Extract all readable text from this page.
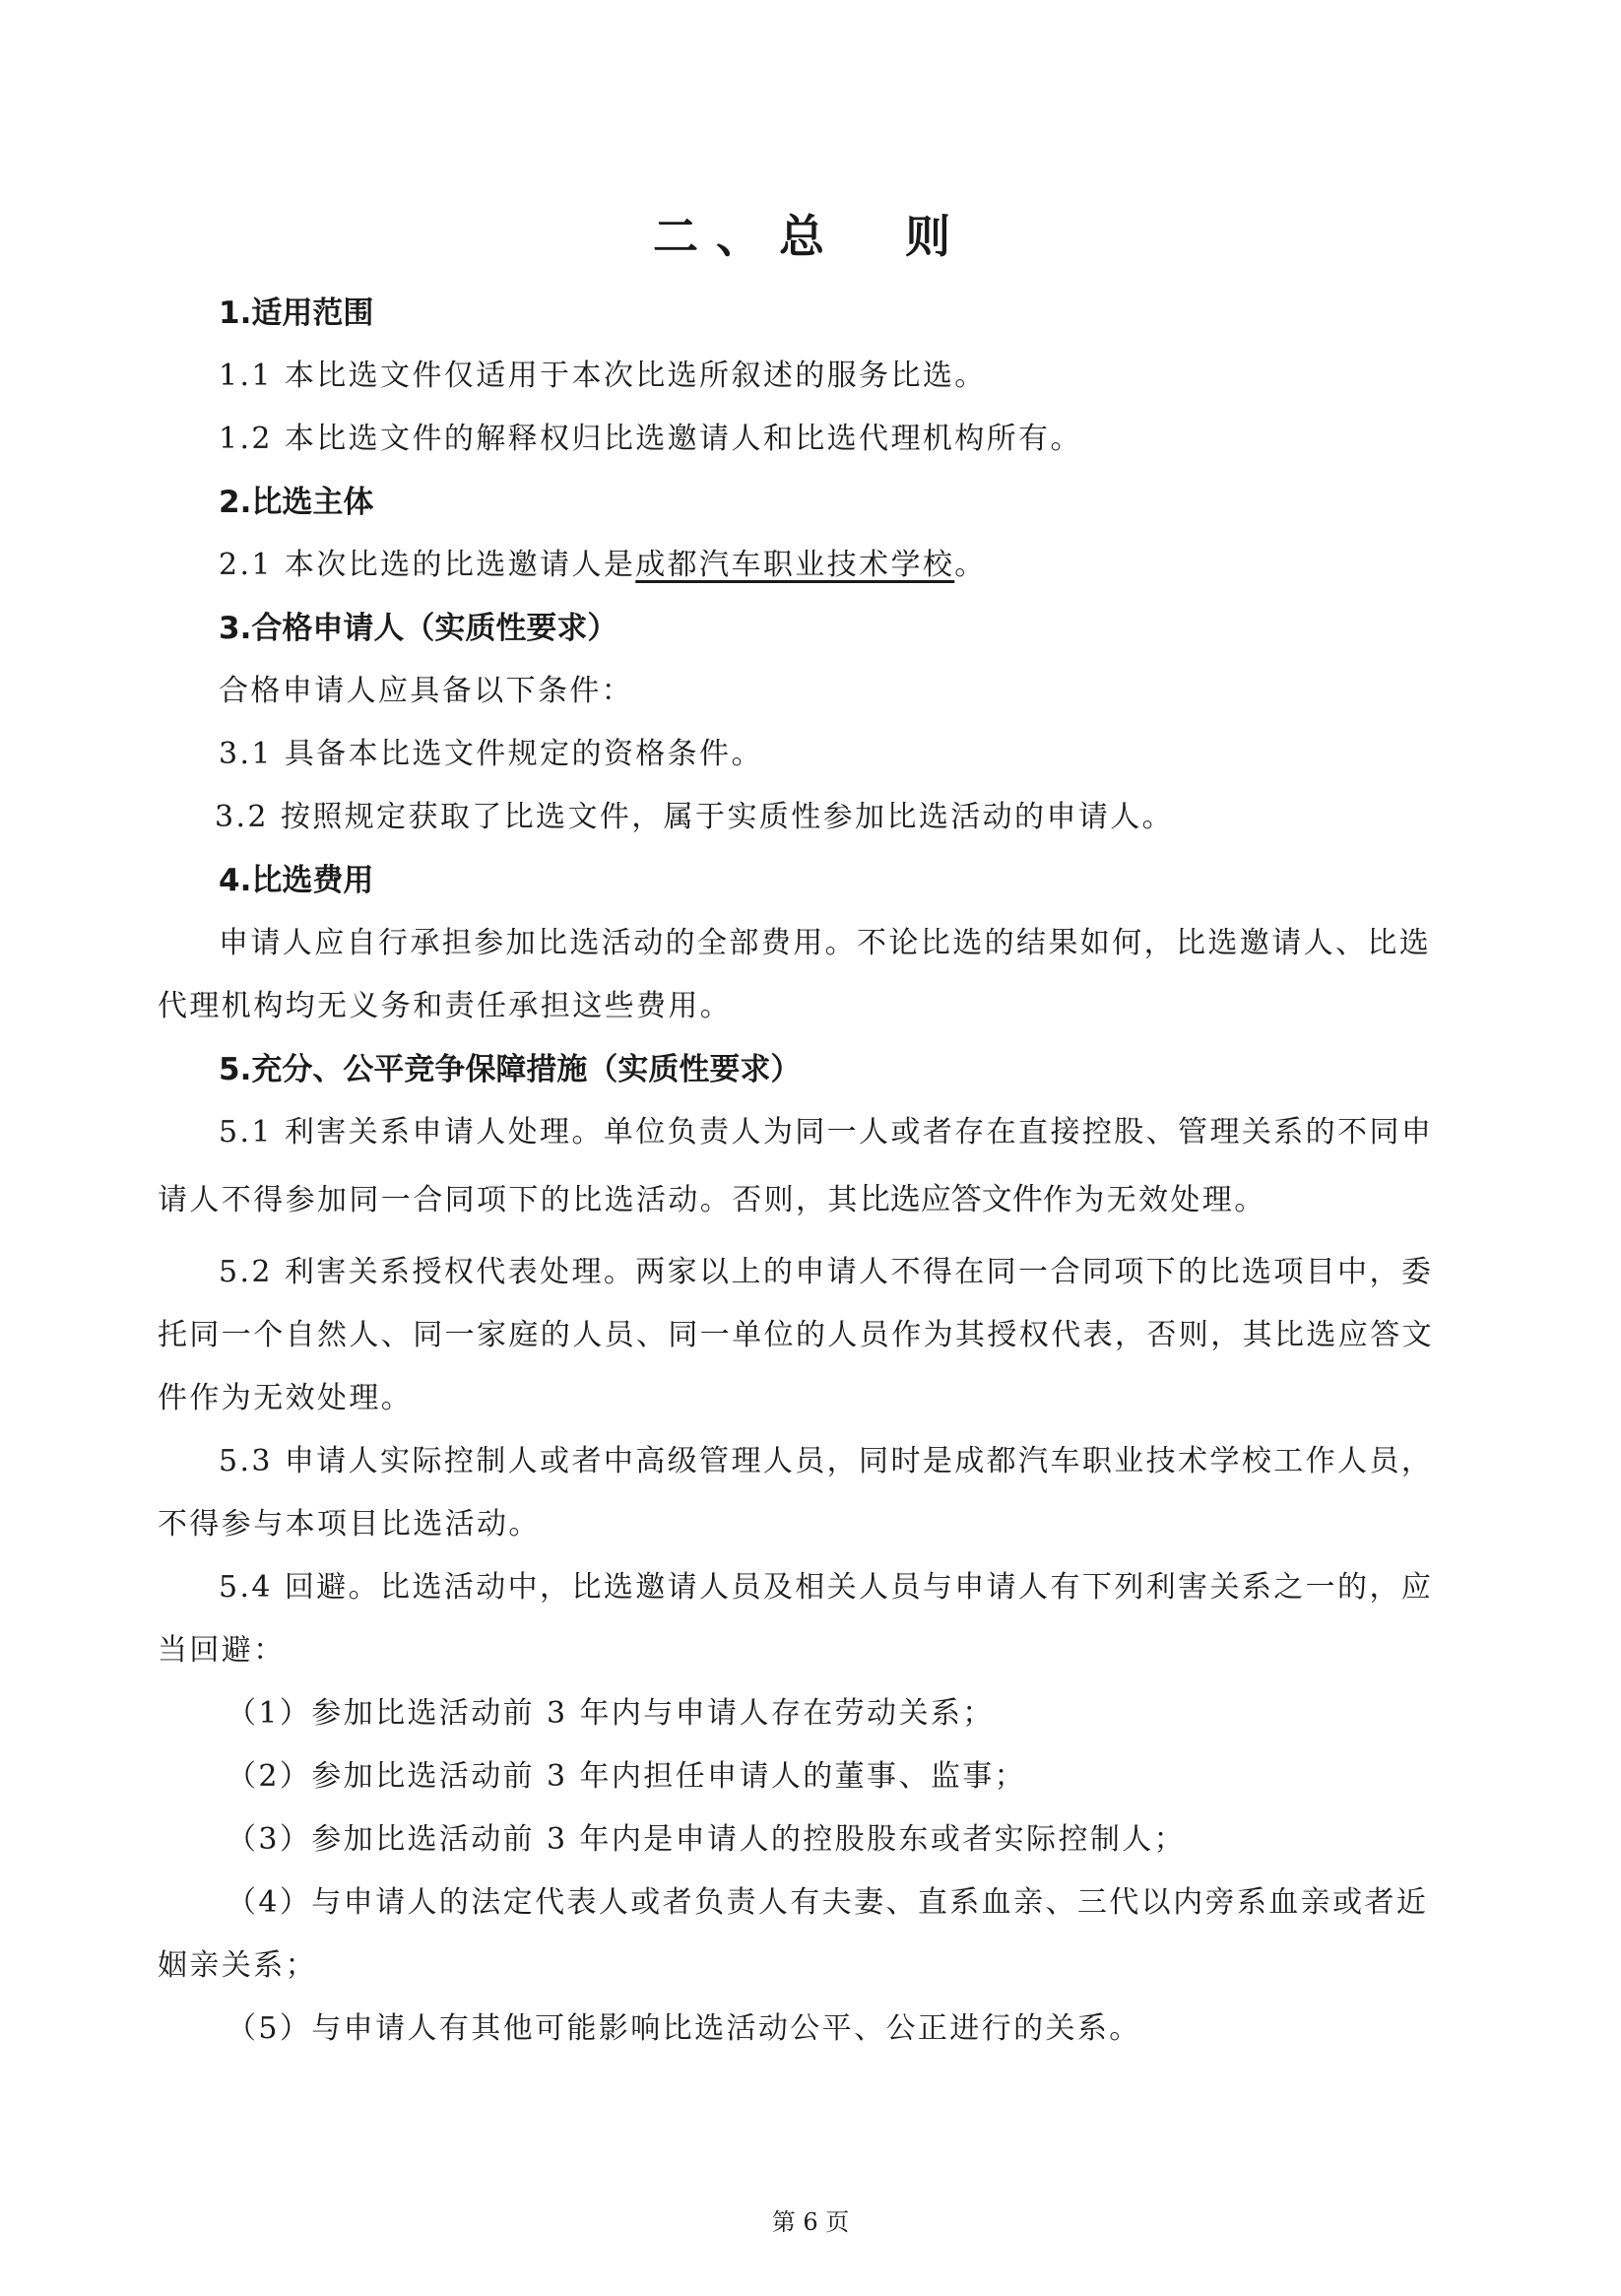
二、总　则
1.适用范围
1.1 本比选文件仅适用于本次比选所叙述的服务比选。
1.2 本比选文件的解释权归比选邀请人和比选代理机构所有。
2.比选主体
2.1 本次比选的比选邀请人是成都汽车职业技术学校。
3.合格申请人（实质性要求）
合格申请人应具备以下条件：
3.1 具备本比选文件规定的资格条件。
3.2 按照规定获取了比选文件，属于实质性参加比选活动的申请人。
4.比选费用
申请人应自行承担参加比选活动的全部费用。不论比选的结果如何，比选邀请人、比选
代理机构均无义务和责任承担这些费用。
5.充分、公平竞争保障措施（实质性要求）
5.1 利害关系申请人处理。单位负责人为同一人或者存在直接控股、管理关系的不同申
请人不得参加同一合同项下的比选活动。否则，其比选应答文件作为无效处理。
5.2 利害关系授权代表处理。两家以上的申请人不得在同一合同项下的比选项目中，委
托同一个自然人、同一家庭的人员、同一单位的人员作为其授权代表，否则，其比选应答文
件作为无效处理。
5.3 申请人实际控制人或者中高级管理人员，同时是成都汽车职业技术学校工作人员，
不得参与本项目比选活动。
5.4 回避。比选活动中，比选邀请人员及相关人员与申请人有下列利害关系之一的，应
当回避：
（1）参加比选活动前 3 年内与申请人存在劳动关系；
（2）参加比选活动前 3 年内担任申请人的董事、监事；
（3）参加比选活动前 3 年内是申请人的控股股东或者实际控制人；
（4）与申请人的法定代表人或者负责人有夫妻、直系血亲、三代以内旁系血亲或者近
姻亲关系；
（5）与申请人有其他可能影响比选活动公平、公正进行的关系。
第 6 页
